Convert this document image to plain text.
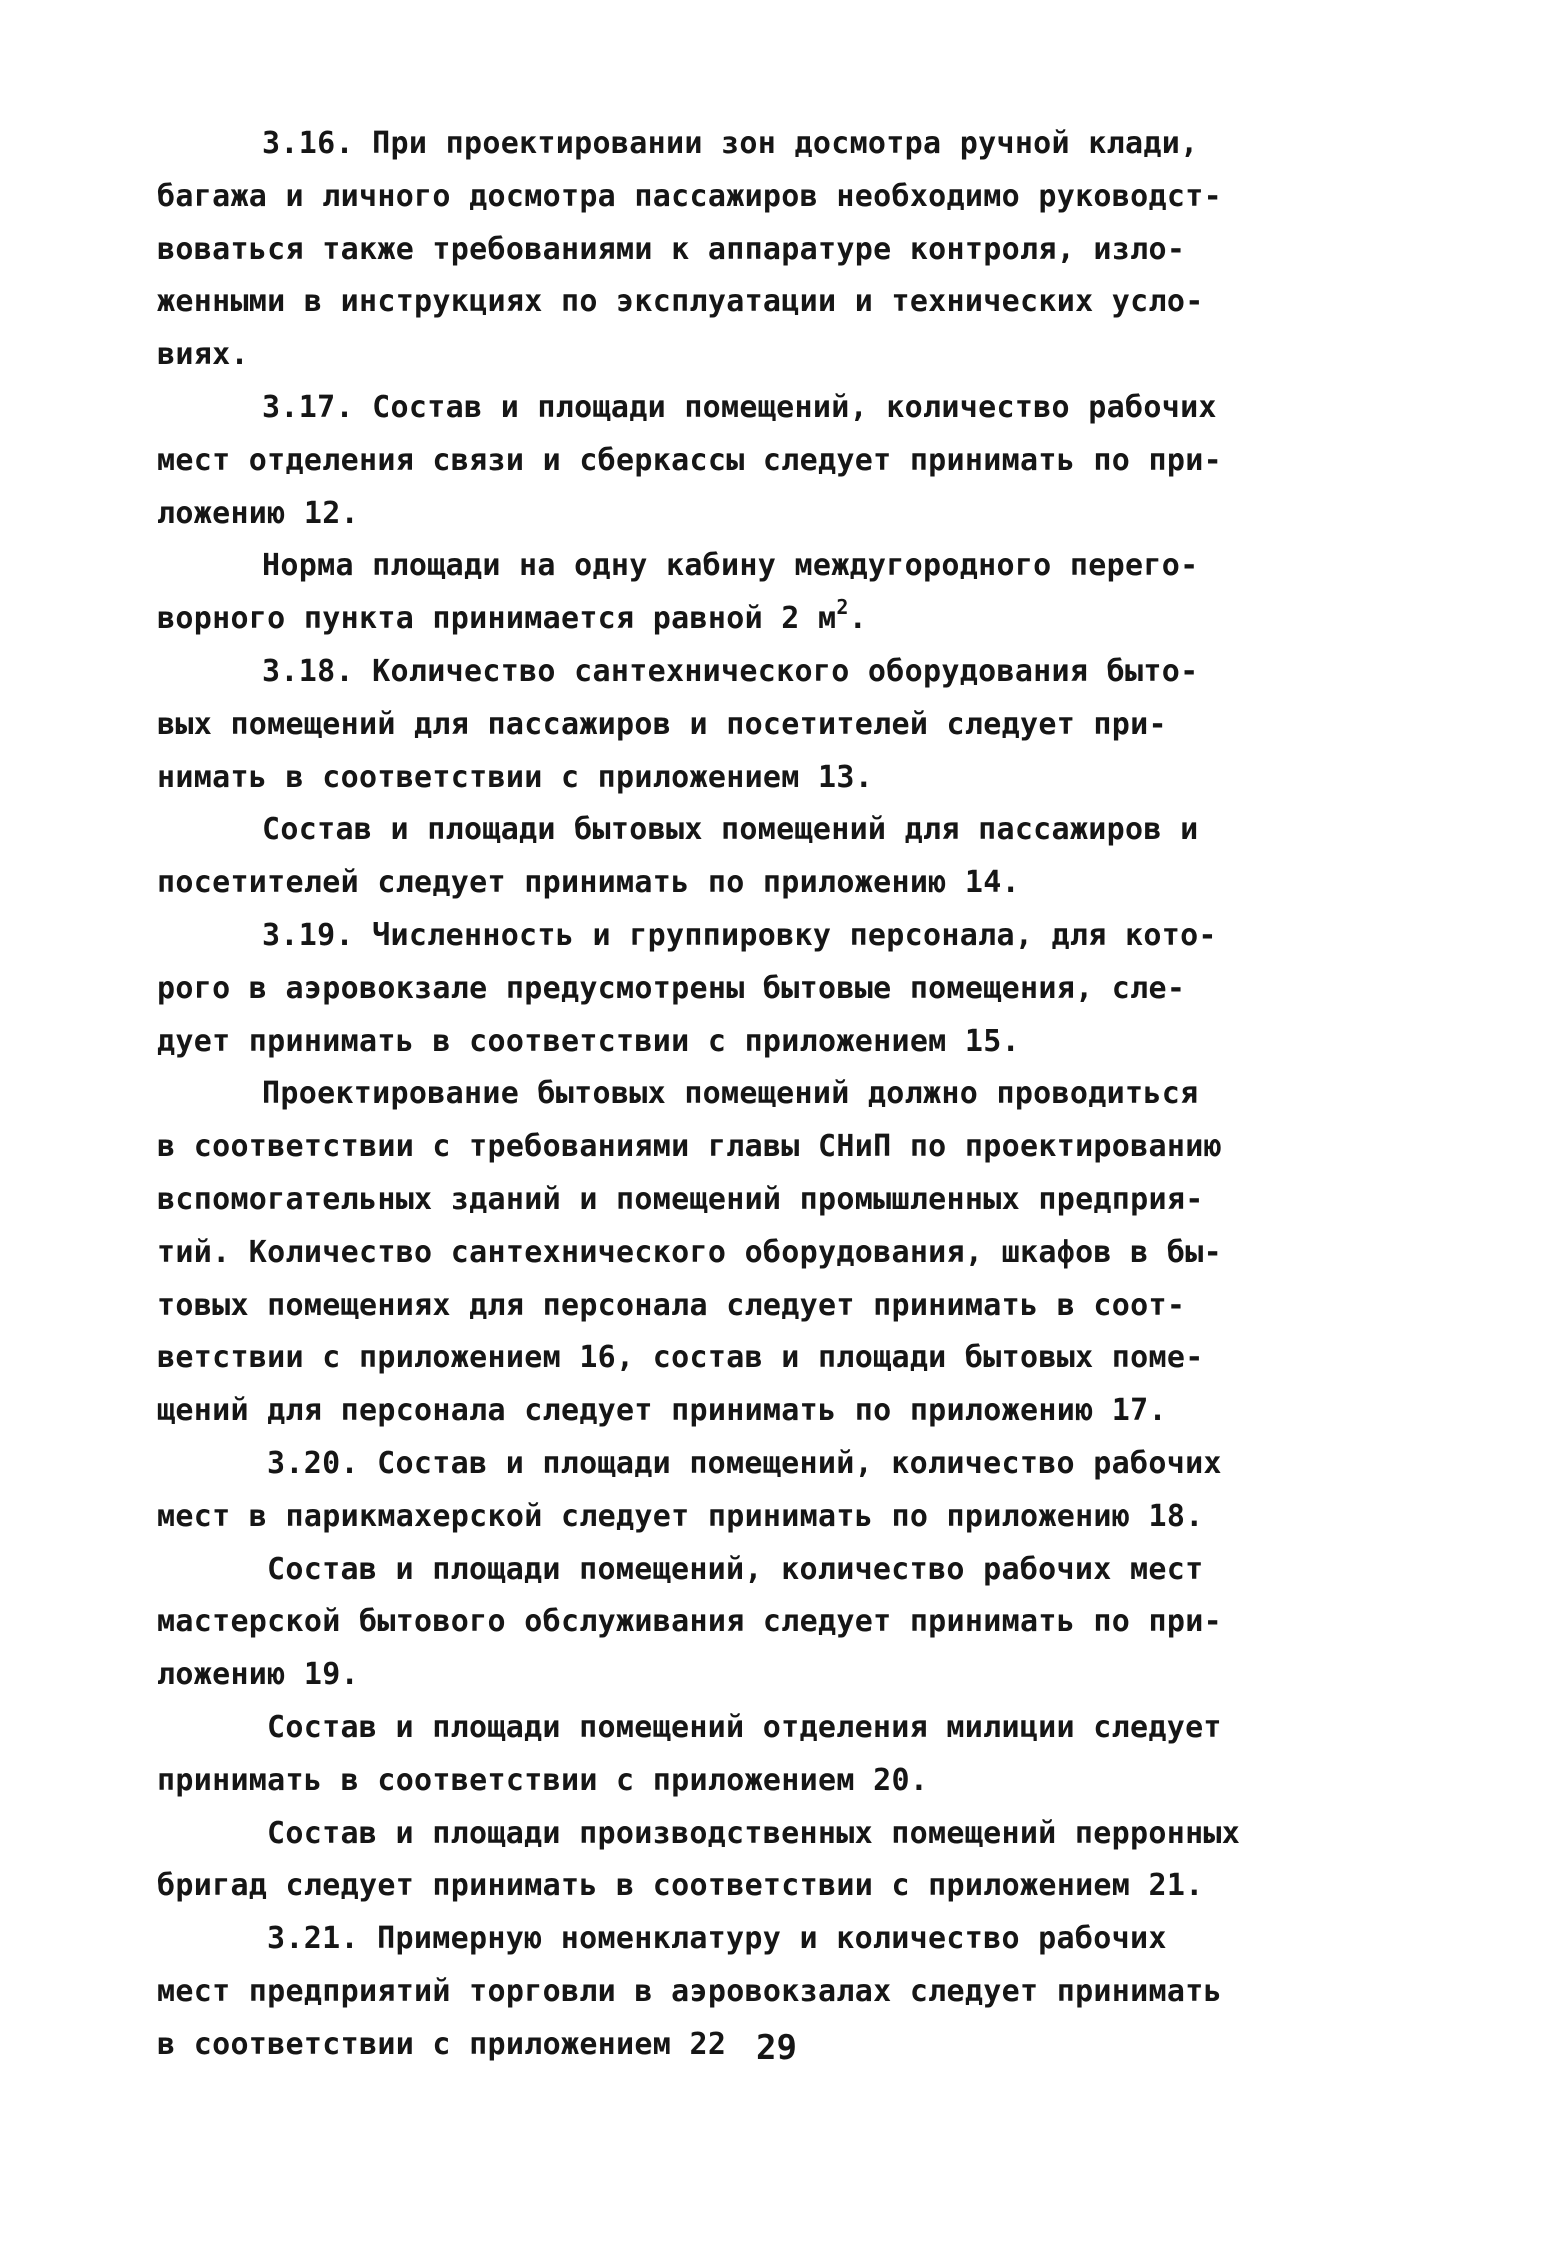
3.16. При проектировании зон досмотра ручной клади,
багажа и личного досмотра пассажиров необходимо руководст-
воваться также требованиями к аппаратуре контроля, изло-
женными в инструкциях по эксплуатации и технических усло-
виях.
3.17. Состав и площади помещений, количество рабочих
мест отделения связи и сберкассы следует принимать по при-
ложению 12.
Норма площади на одну кабину междугородного перего-
ворного пункта принимается равной 2 $м^2$.
3.18. Количество сантехнического оборудования быто-
вых помещений для пассажиров и посетителей следует при-
нимать в соответствии с приложением 13.
Состав и площади бытовых помещений для пассажиров и
посетителей следует принимать по приложению 14.
3.19. Численность и группировку персонала, для кото-
рого в аэровокзале предусмотрены бытовые помещения, сле-
дует принимать в соответствии с приложением 15.
Проектирование бытовых помещений должно проводиться
в соответствии с требованиями главы СНиП по проектированию
вспомогательных зданий и помещений промышленных предприя-
тий. Количество сантехнического оборудования, шкафов в бы-
товых помещениях для персонала следует принимать в соот-
ветствии с приложением 16, состав и площади бытовых поме-
щений для персонала следует принимать по приложению 17.
3.20. Состав и площади помещений, количество рабочих
мест в парикмахерской следует принимать по приложению 18.
Состав и площади помещений, количество рабочих мест
мастерской бытового обслуживания следует принимать по при-
ложению 19.
Состав и площади помещений отделения милиции следует
принимать в соответствии с приложением 20.
Состав и площади производственных помещений перронных
бригад следует принимать в соответствии с приложением 21.
3.21. Примерную номенклатуру и количество рабочих
мест предприятий торговли в аэровокзалах следует принимать
в соответствии с приложением 22 29
